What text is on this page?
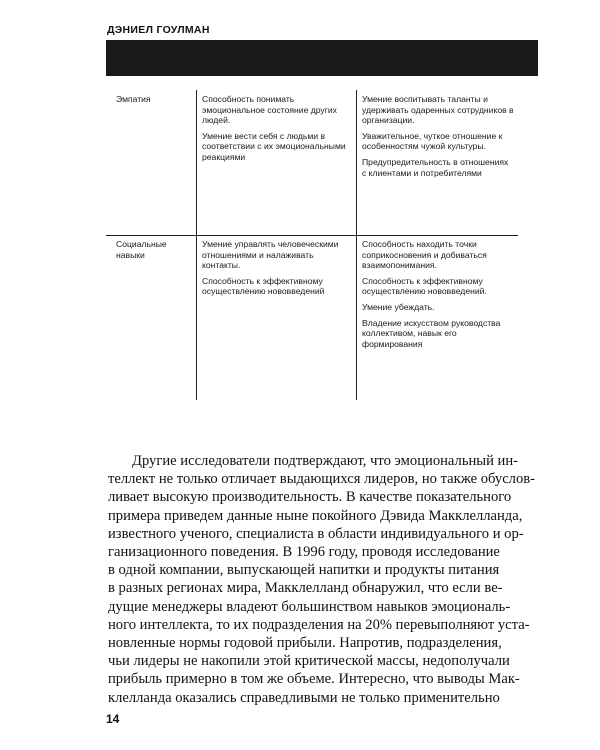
ДЭНИЕЛ ГОУЛМАН
Эмпатия	Способность понимать эмоциональное состояние других людей.

Умение вести себя с людьми в соответствии с их эмоциональными реакциями

Умение воспитывать таланты и удерживать одаренных сотрудников в организации.

Уважительное, чуткое отношение к особенностям чужой культуры.

Предупредительность в отношениях с клиентами и потребителями

Социальные навыки

Умение управлять человеческими отношениями и налаживать контакты.

Способность к эффективному осуществлению нововведений

Способность находить точки соприкосновения и добиваться взаимопонимания.

Способность к эффективному осуществлению нововведений.

Умение убеждать.

Владение искусством руководства коллективом, навык его формирования

Другие исследователи подтверждают, что эмоциональный ин-
теллект не только отличает выдающихся лидеров, но также обуслов-
ливает высокую производительность. В качестве показательного
примера приведем данные ныне покойного Дэвида Макклелланда,
известного ученого, специалиста в области индивидуального и ор-
ганизационного поведения. В 1996 году, проводя исследование
в одной компании, выпускающей напитки и продукты питания
в разных регионах мира, Макклелланд обнаружил, что если ве-
дущие менеджеры владеют большинством навыков эмоциональ-
ного интеллекта, то их подразделения на 20% перевыполняют уста-
новленные нормы годовой прибыли. Напротив, подразделения,
чьи лидеры не накопили этой критической массы, недополучали
прибыль примерно в том же объеме. Интересно, что выводы Мак-
клелланда оказались справедливыми не только применительно
14
